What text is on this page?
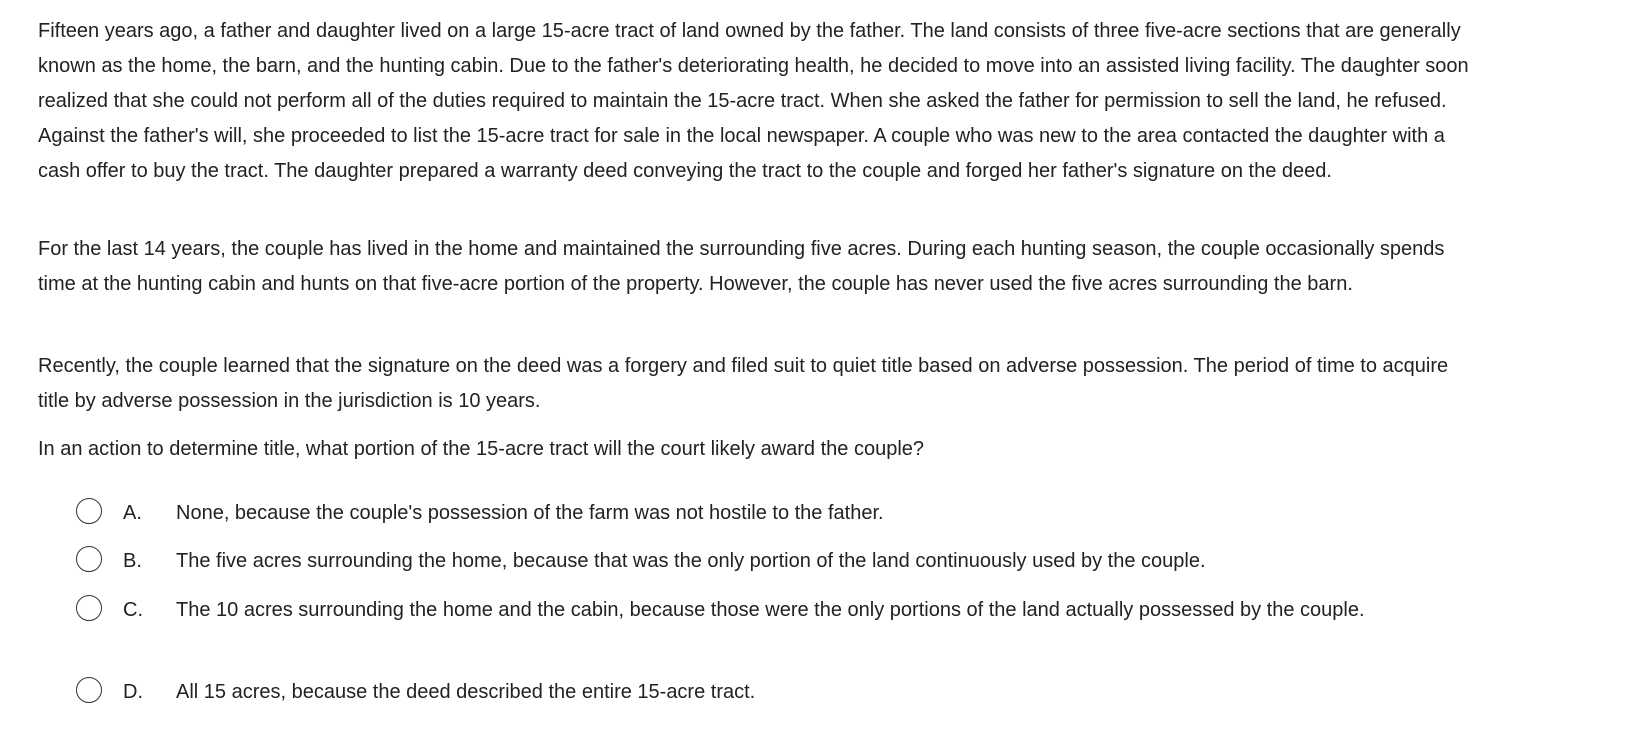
Fifteen years ago, a father and daughter lived on a large 15-acre tract of land owned by the father. The land consists of three five-acre sections that are generally known as the home, the barn, and the hunting cabin. Due to the father's deteriorating health, he decided to move into an assisted living facility. The daughter soon realized that she could not perform all of the duties required to maintain the 15-acre tract. When she asked the father for permission to sell the land, he refused. Against the father's will, she proceeded to list the 15-acre tract for sale in the local newspaper. A couple who was new to the area contacted the daughter with a cash offer to buy the tract. The daughter prepared a warranty deed conveying the tract to the couple and forged her father's signature on the deed.

For the last 14 years, the couple has lived in the home and maintained the surrounding five acres. During each hunting season, the couple occasionally spends time at the hunting cabin and hunts on that five-acre portion of the property. However, the couple has never used the five acres surrounding the barn.

Recently, the couple learned that the signature on the deed was a forgery and filed suit to quiet title based on adverse possession. The period of time to acquire title by adverse possession in the jurisdiction is 10 years.

In an action to determine title, what portion of the 15-acre tract will the court likely award the couple?

A. None, because the couple's possession of the farm was not hostile to the father.
B. The five acres surrounding the home, because that was the only portion of the land continuously used by the couple.
C. The 10 acres surrounding the home and the cabin, because those were the only portions of the land actually possessed by the couple.
D. All 15 acres, because the deed described the entire 15-acre tract.
